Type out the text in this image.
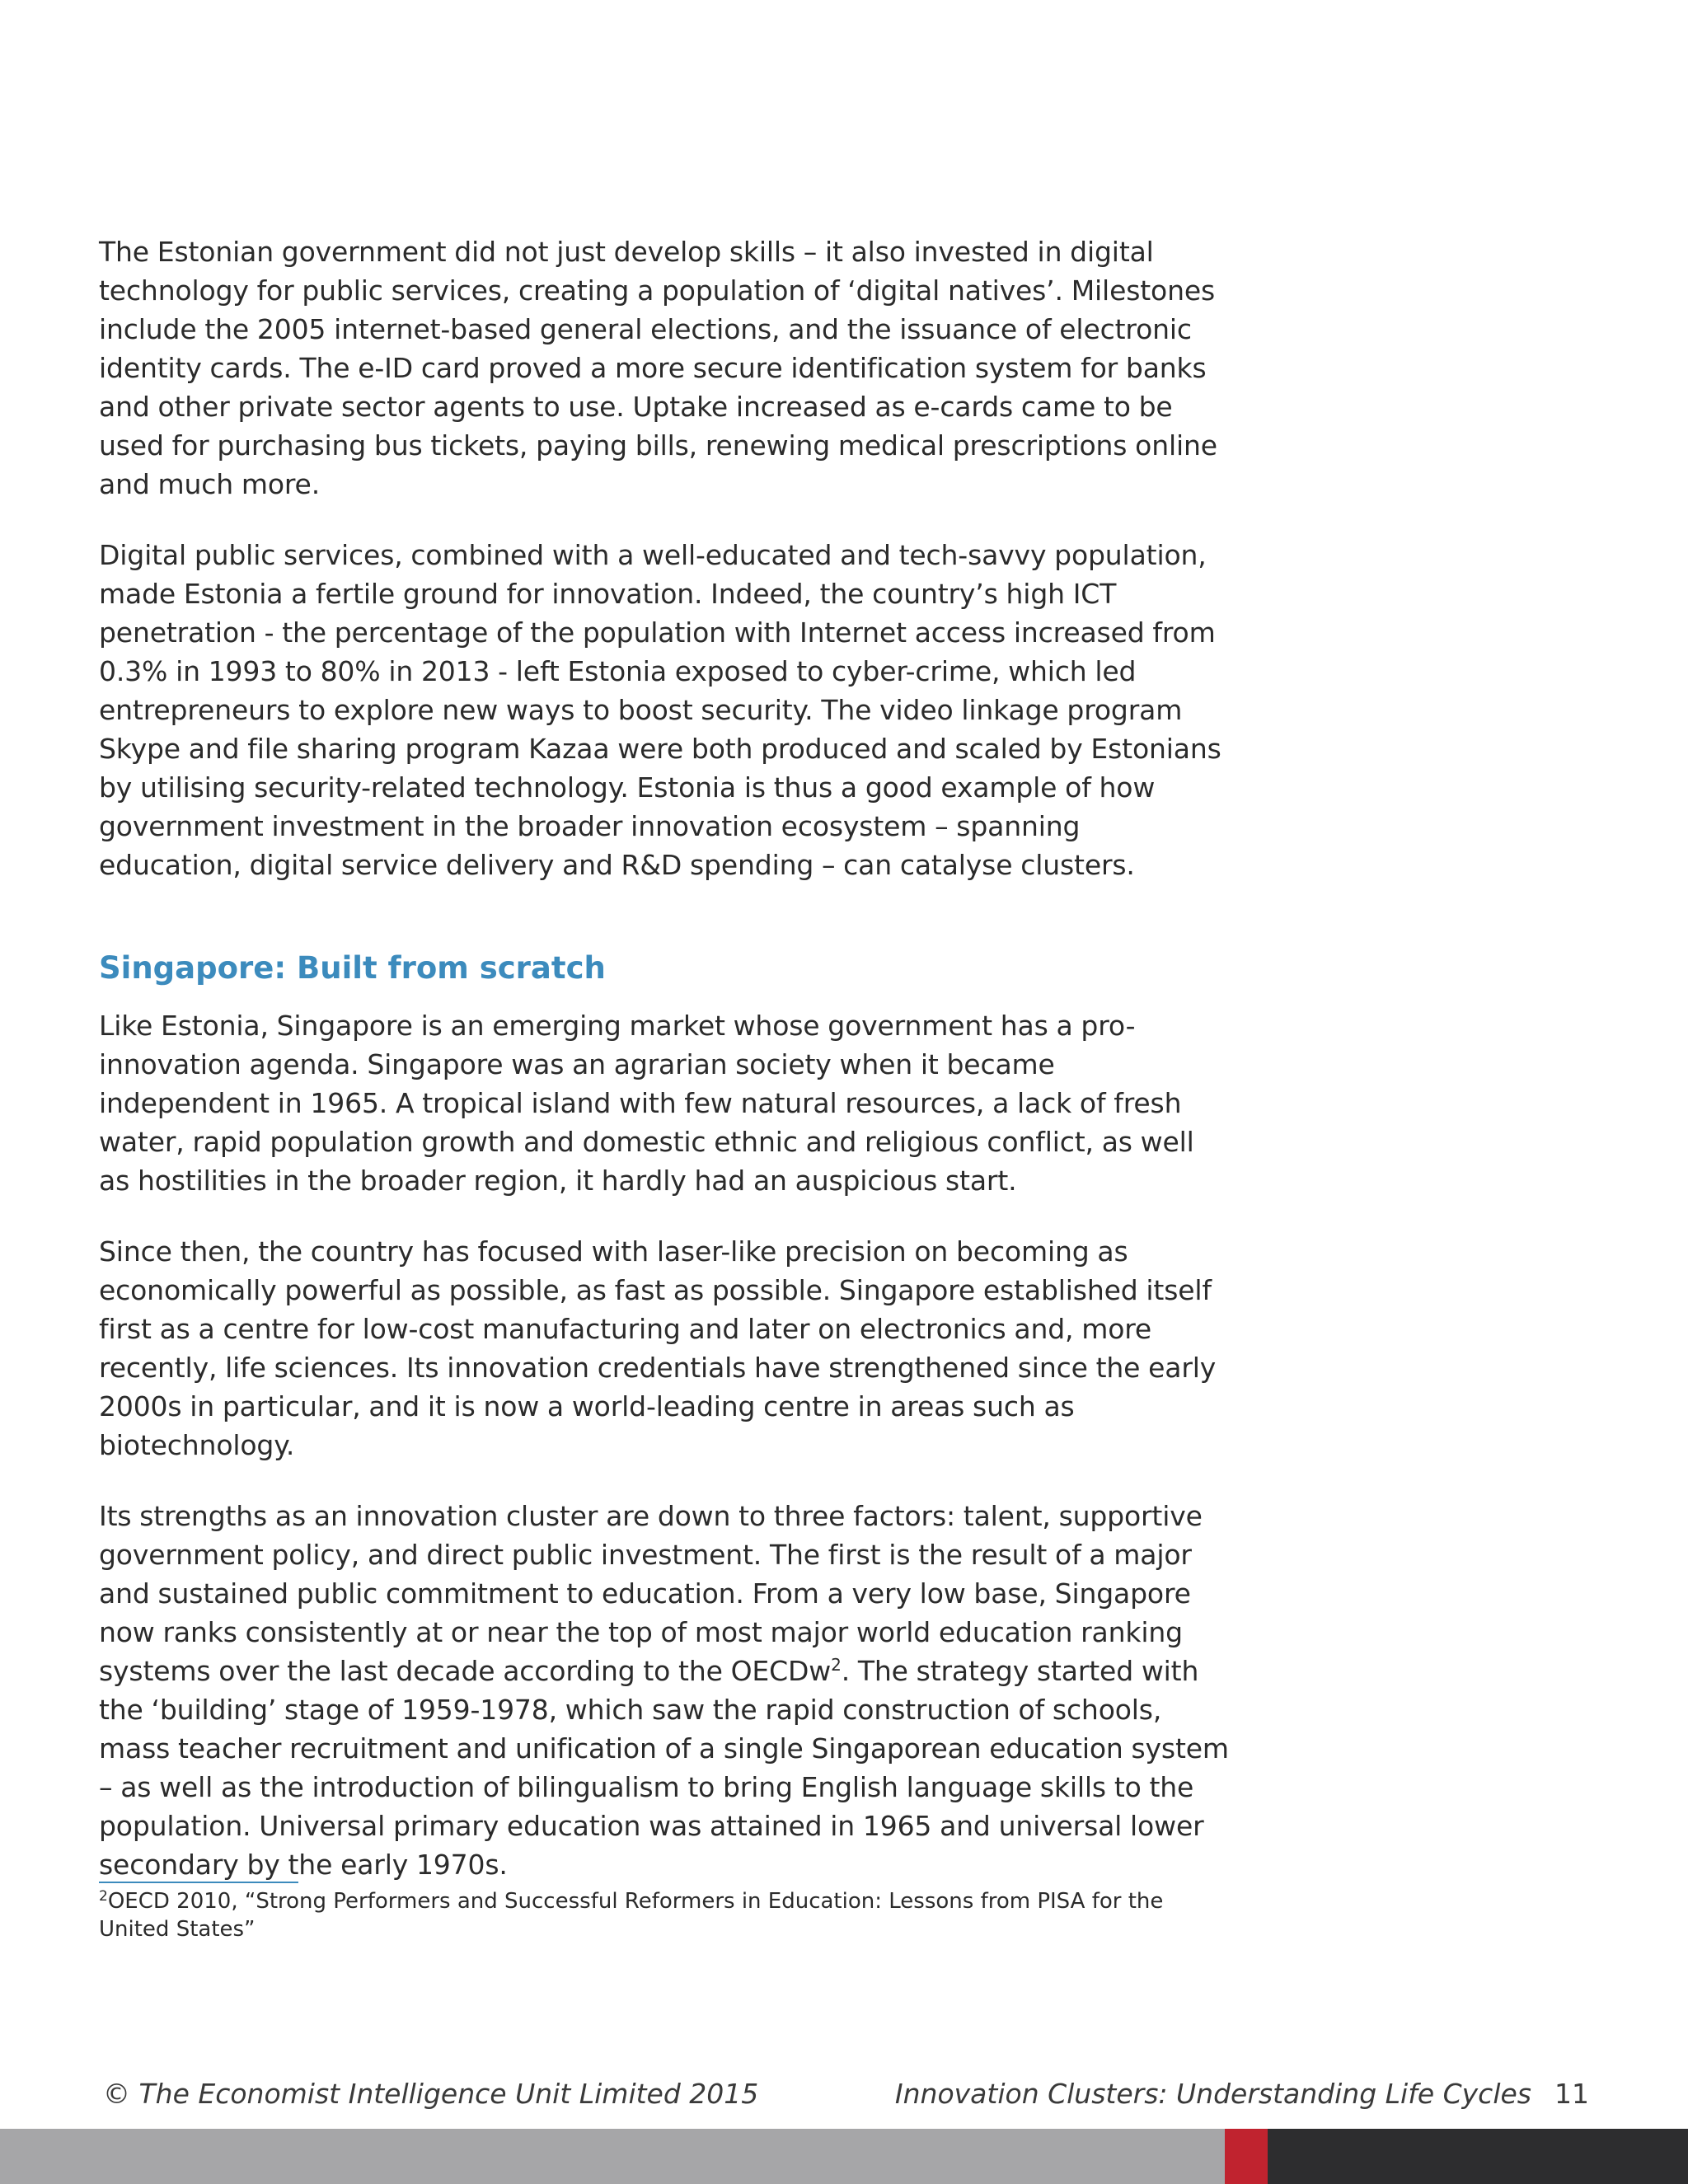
The Estonian government did not just develop skills – it also invested in digital technology for public services, creating a population of ‘digital natives’. Milestones include the 2005 internet-based general elections, and the issuance of electronic identity cards. The e-ID card proved a more secure identification system for banks and other private sector agents to use. Uptake increased as e-cards came to be used for purchasing bus tickets, paying bills, renewing medical prescriptions online and much more.

Digital public services, combined with a well-educated and tech-savvy population, made Estonia a fertile ground for innovation. Indeed, the country’s high ICT penetration - the percentage of the population with Internet access increased from 0.3% in 1993 to 80% in 2013 - left Estonia exposed to cyber-crime, which led entrepreneurs to explore new ways to boost security. The video linkage program Skype and file sharing program Kazaa were both produced and scaled by Estonians by utilising security-related technology. Estonia is thus a good example of how government investment in the broader innovation ecosystem – spanning education, digital service delivery and R&D spending – can catalyse clusters.

Singapore: Built from scratch

Like Estonia, Singapore is an emerging market whose government has a pro-innovation agenda. Singapore was an agrarian society when it became independent in 1965. A tropical island with few natural resources, a lack of fresh water, rapid population growth and domestic ethnic and religious conflict, as well as hostilities in the broader region, it hardly had an auspicious start.

Since then, the country has focused with laser-like precision on becoming as economically powerful as possible, as fast as possible. Singapore established itself first as a centre for low-cost manufacturing and later on electronics and, more recently, life sciences. Its innovation credentials have strengthened since the early 2000s in particular, and it is now a world-leading centre in areas such as biotechnology.

Its strengths as an innovation cluster are down to three factors: talent, supportive government policy, and direct public investment. The first is the result of a major and sustained public commitment to education. From a very low base, Singapore now ranks consistently at or near the top of most major world education ranking systems over the last decade according to the OECDw$^2$. The strategy started with the ‘building’ stage of 1959-1978, which saw the rapid construction of schools, mass teacher recruitment and unification of a single Singaporean education system – as well as the introduction of bilingualism to bring English language skills to the population. Universal primary education was attained in 1965 and universal lower secondary by the early 1970s.

$^2$OECD 2010, “Strong Performers and Successful Reformers in Education: Lessons from PISA for the United States”
© The Economist Intelligence Unit Limited 2015	Innovation Clusters: Understanding Life Cycles 11
